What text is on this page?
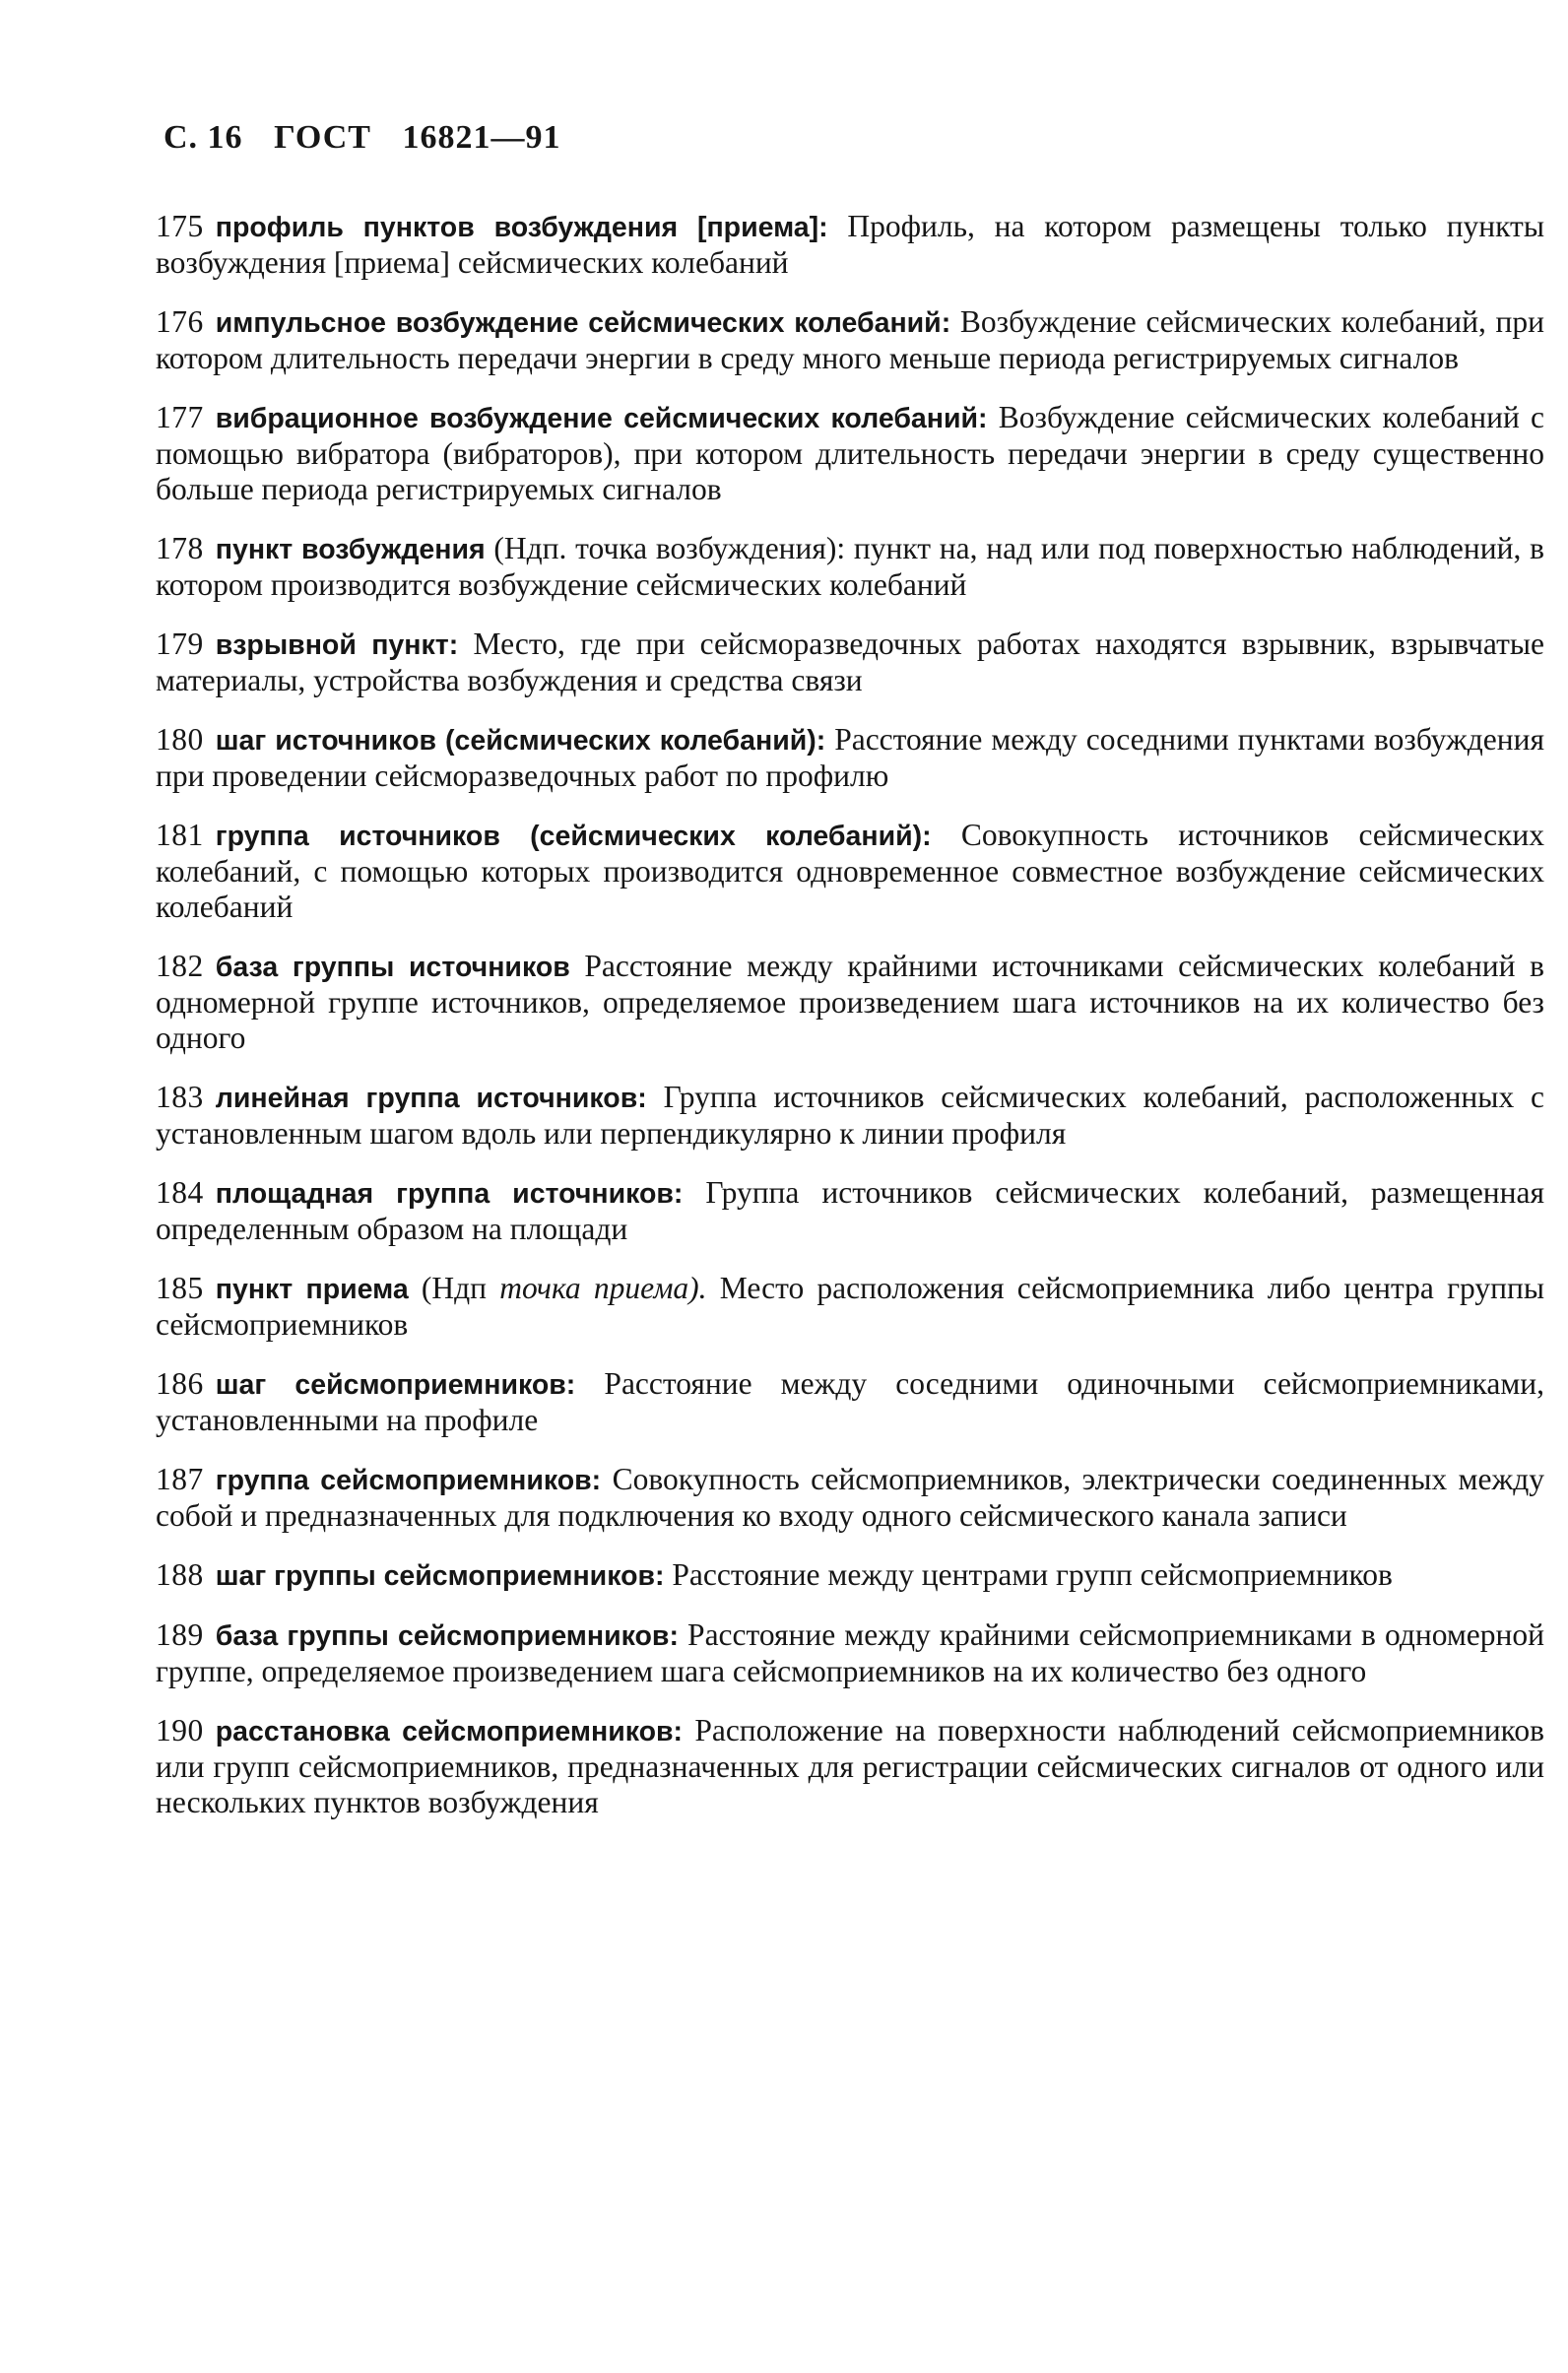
С. 16 ГОСТ 16821—91

175 профиль пунктов возбуждения [приема]: Профиль, на котором размещены только пункты возбуждения [приема] сейсмических колебаний

176 импульсное возбуждение сейсмических колебаний: Возбуждение сейсмических колебаний, при котором длительность передачи энергии в среду много меньше периода регистрируемых сигналов

177 вибрационное возбуждение сейсмических колебаний: Возбуждение сейсмических колебаний с помощью вибратора (вибраторов), при котором длительность передачи энергии в среду существенно больше периода регистрируемых сигналов

178 пункт возбуждения (Ндп. точка возбуждения): пункт на, над или под поверхностью наблюдений, в котором производится возбуждение сейсмических колебаний

179 взрывной пункт: Место, где при сейсморазведочных работах находятся взрывник, взрывчатые материалы, устройства возбуждения и средства связи

180 шаг источников (сейсмических колебаний): Расстояние между соседними пунктами возбуждения при проведении сейсморазведочных работ по профилю

181 группа источников (сейсмических колебаний): Совокупность источников сейсмических колебаний, с помощью которых производится одновременное совместное возбуждение сейсмических колебаний

182 база группы источников Расстояние между крайними источниками сейсмических колебаний в одномерной группе источников, определяемое произведением шага источников на их количество без одного

183 линейная группа источников: Группа источников сейсмических колебаний, расположенных с установленным шагом вдоль или перпендикулярно к линии профиля

184 площадная группа источников: Группа источников сейсмических колебаний, размещенная определенным образом на площади

185 пункт приема (Ндп точка приема). Место расположения сейсмоприемника либо центра группы сейсмоприемников

186 шаг сейсмоприемников: Расстояние между соседними одиночными сейсмоприемниками, установленными на профиле

187 группа сейсмоприемников: Совокупность сейсмоприемников, электрически соединенных между собой и предназначенных для подключения ко входу одного сейсмического канала записи

188 шаг группы сейсмоприемников: Расстояние между центрами групп сейсмоприемников

189 база группы сейсмоприемников: Расстояние между крайними сейсмоприемниками в одномерной группе, определяемое произведением шага сейсмоприемников на их количество без одного

190 расстановка сейсмоприемников: Расположение на поверхности наблюдений сейсмоприемников или групп сейсмоприемников, предназначенных для регистрации сейсмических сигналов от одного или нескольких пунктов возбуждения
